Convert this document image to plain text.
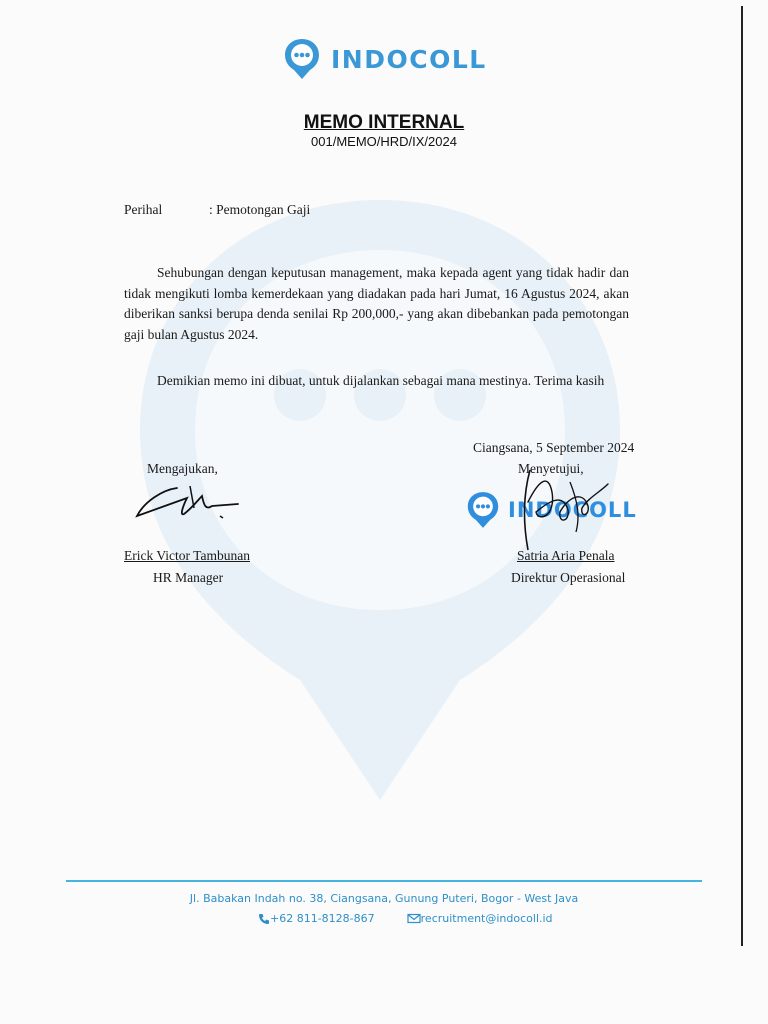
INDOCOLL
MEMO INTERNAL
001/MEMO/HRD/IX/2024
Perihal	: Pemotongan Gaji

Sehubungan dengan keputusan management, maka kepada agent yang tidak hadir dan tidak mengikuti lomba kemerdekaan yang diadakan pada hari Jumat, 16 Agustus 2024, akan diberikan sanksi berupa denda senilai Rp 200,000,- yang akan dibebankan pada pemotongan gaji bulan Agustus 2024.

Demikian memo ini dibuat, untuk dijalankan sebagai mana mestinya. Terima kasih
Ciangsana, 5 September 2024
Mengajukan,	Menyetujui,
INDOCOLL
Erick Victor Tambunan
HR Manager
Satria Aria Penala
Direktur Operasional
Jl. Babakan Indah no. 38, Ciangsana, Gunung Puteri, Bogor - West Java
+62 811-8128-867	recruitment@indocoll.id
